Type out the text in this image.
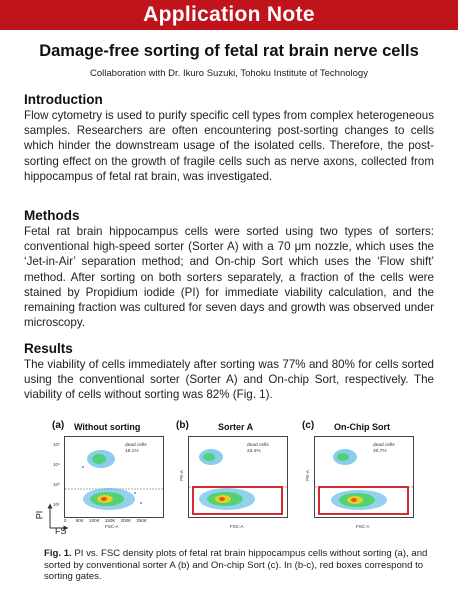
Application Note
Damage-free sorting of fetal rat brain nerve cells
Collaboration with Dr. Ikuro Suzuki, Tohoku Institute of Technology
Introduction

Flow cytometry is used to purify specific cell types from complex heterogeneous samples. Researchers are often encountering post-sorting changes to cells which hinder the downstream usage of the isolated cells. Therefore, the post-sorting effect on the growth of fragile cells such as nerve axons, collected from hippocampus of fetal rat brain, was investigated.

Methods

Fetal rat brain hippocampus cells were sorted using two types of sorters: conventional high-speed sorter (Sorter A) with a 70 μm nozzle, which uses the ‘Jet-in-Air’ separation method; and On-chip Sort which uses the ‘Flow shift’ method. After sorting on both sorters separately, a fraction of the cells were stained by Propidium iodide (PI) for immediate viability calculation, and the remaining fraction was cultured for seven days and growth was observed under microscopy.

Results

The viability of cells immediately after sorting was 77% and 80% for cells sorted using the conventional sorter (Sorter A) and On-chip Sort, respectively. The viability of cells without sorting was 82% (Fig. 1).

(a) Without sorting
dead cells
18.1%
(b)	Sorter A
dead cells
23.4%
(c) On-Chip Sort
dead cells
20.7%
0 50K 100K 150K 200K 250K
FSC-A	FSC-A	FSC-A
10⁵
10⁴
10³
10²
PE-A	PE-A
PI
FS

Fig. 1. PI vs. FSC density plots of fetal rat brain hippocampus cells without sorting (a), and sorted by conventional sorter A (b) and On-chip Sort (c). In (b-c), red boxes correspond to sorting gates.
